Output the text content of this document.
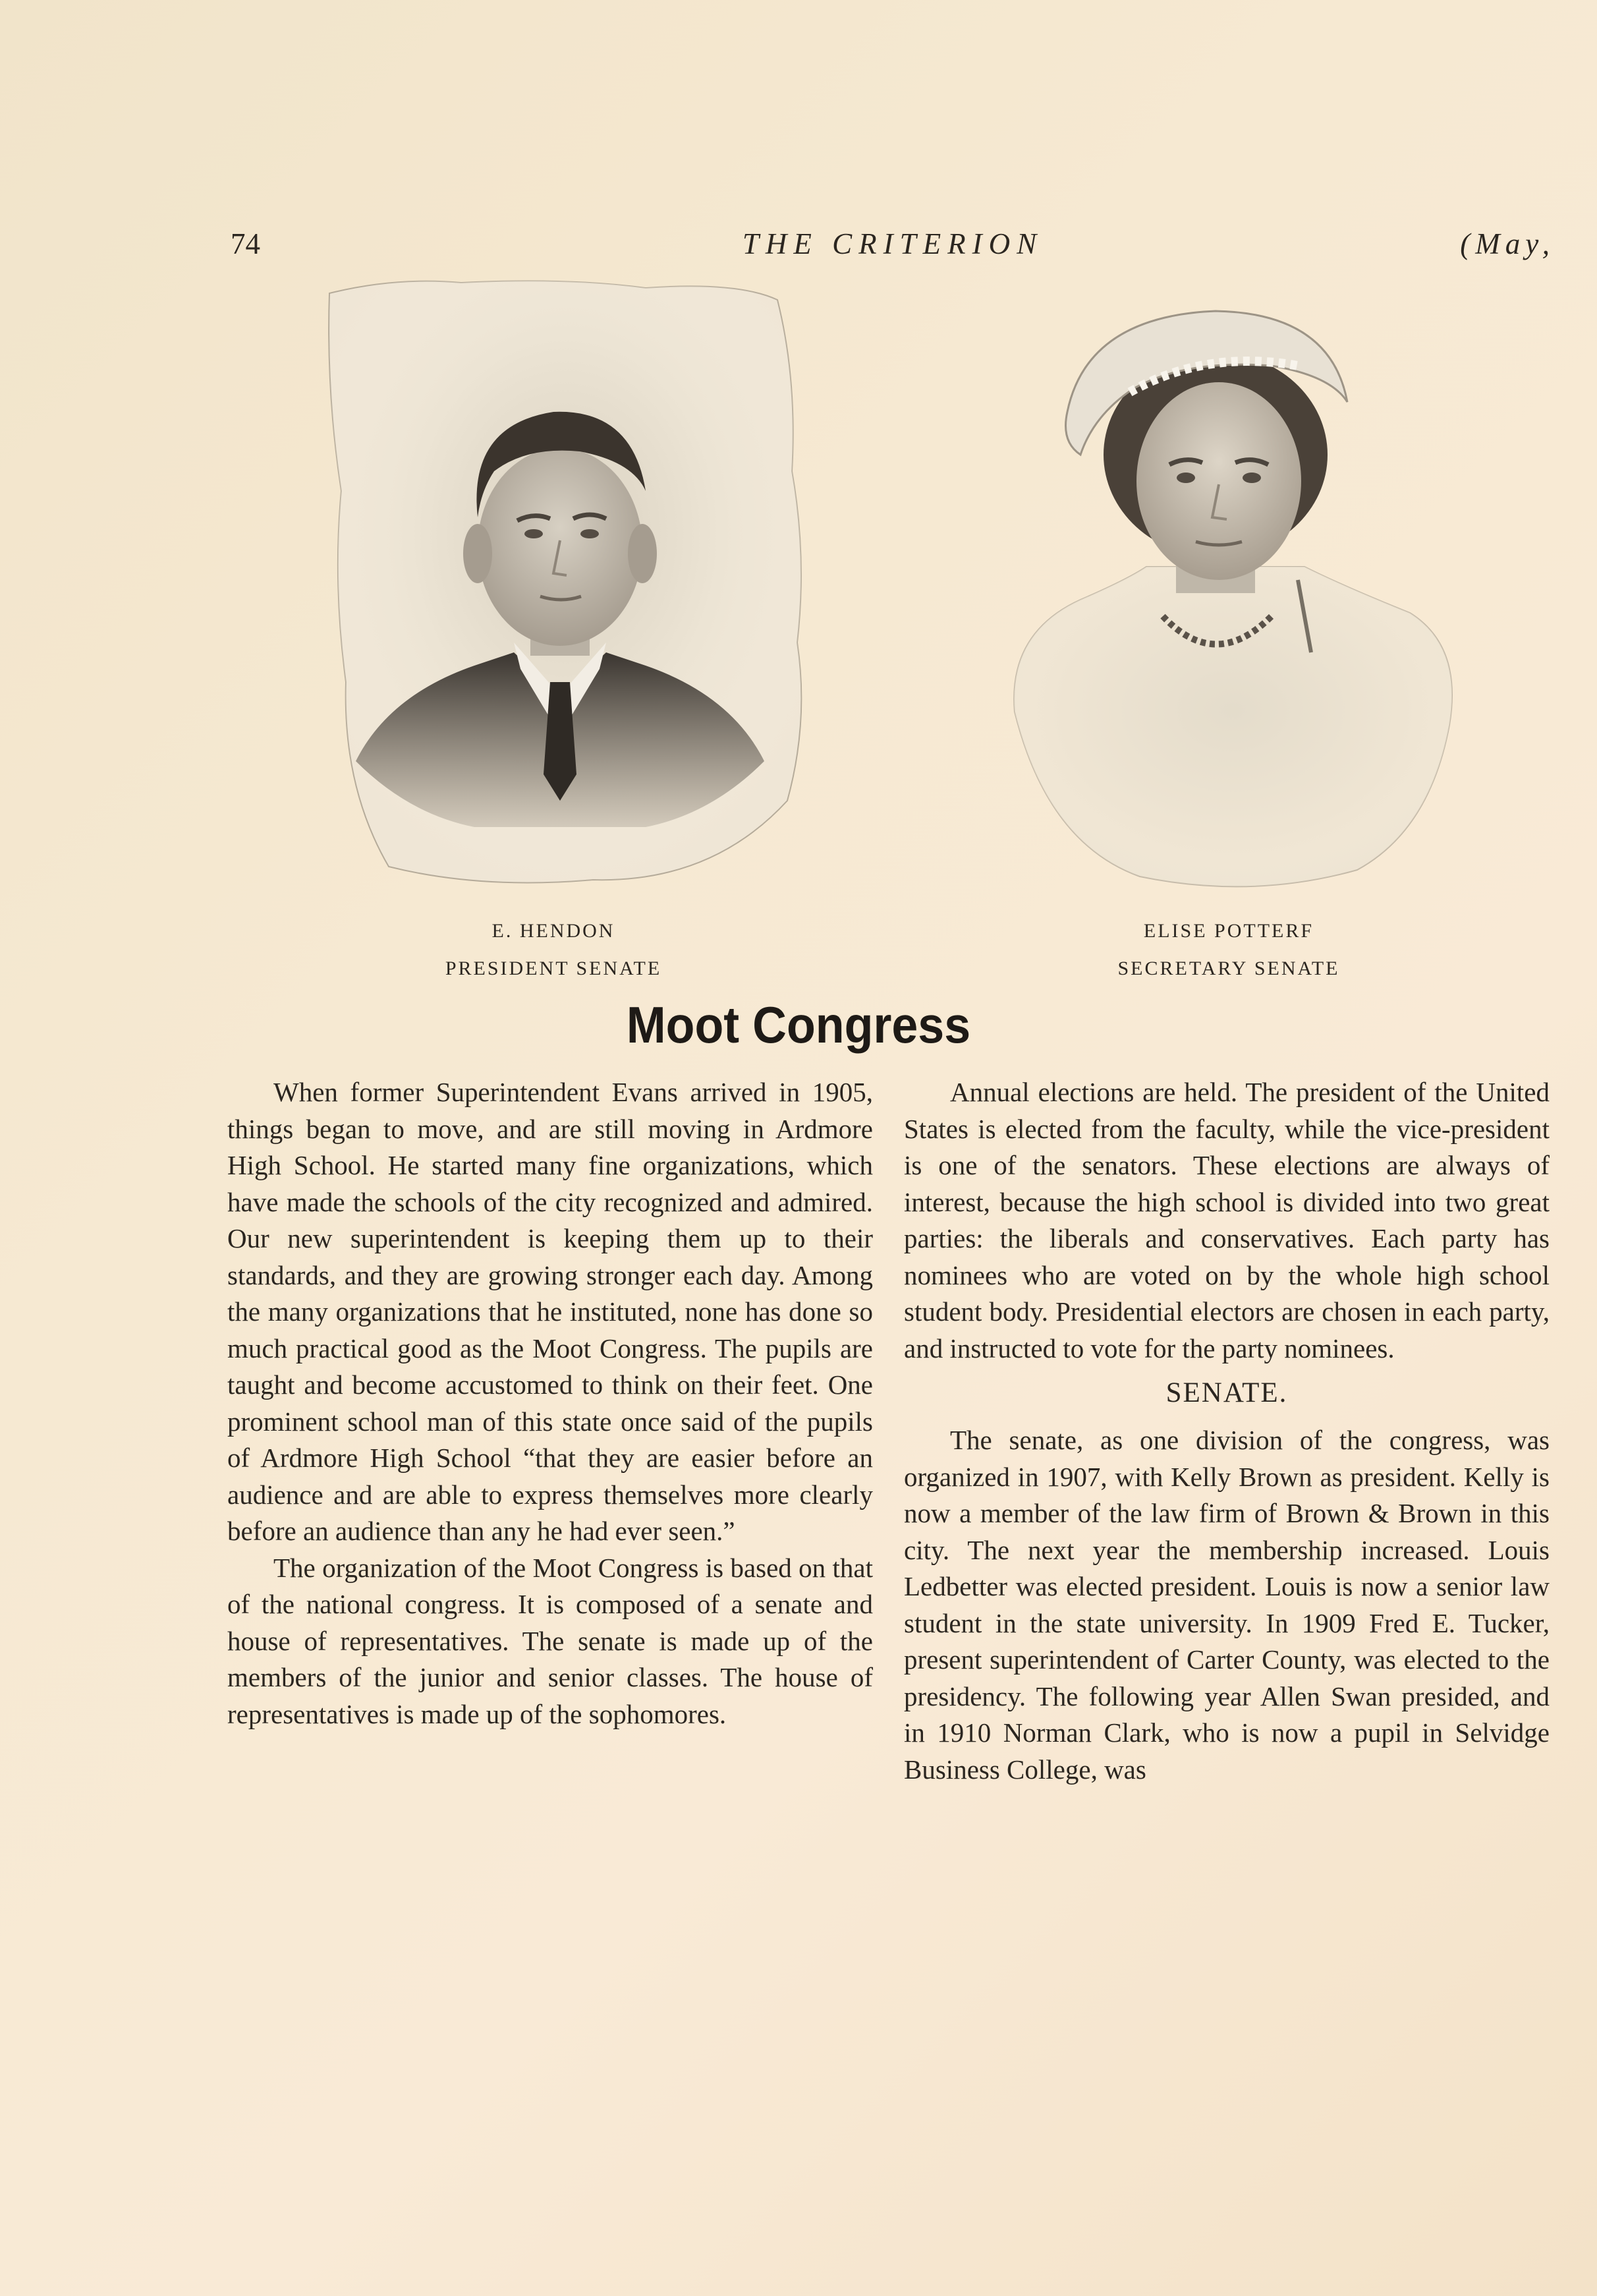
74	THE CRITERION	(May,
E. HENDON
PRESIDENT SENATE
ELISE POTTERF
SECRETARY SENATE
Moot Congress

When former Superintendent Evans arrived in 1905, things began to move, and are still moving in Ardmore High School. He started many fine organizations, which have made the schools of the city recognized and admired. Our new superintendent is keeping them up to their standards, and they are growing stronger each day. Among the many organizations that he instituted, none has done so much practical good as the Moot Congress. The pupils are taught and become accustomed to think on their feet. One prominent school man of this state once said of the pupils of Ardmore High School “that they are easier before an audience and are able to express themselves more clearly before an audience than any he had ever seen.”

The organization of the Moot Congress is based on that of the national congress. It is composed of a senate and house of representatives. The senate is made up of the members of the junior and senior classes. The house of representatives is made up of the sophomores.

Annual elections are held. The president of the United States is elected from the faculty, while the vice-president is one of the senators. These elections are always of interest, because the high school is divided into two great parties: the liberals and conservatives. Each party has nominees who are voted on by the whole high school student body. Presidential electors are chosen in each party, and instructed to vote for the party nominees.

SENATE.

The senate, as one division of the congress, was organized in 1907, with Kelly Brown as president. Kelly is now a member of the law firm of Brown & Brown in this city. The next year the membership increased. Louis Ledbetter was elected president. Louis is now a senior law student in the state university. In 1909 Fred E. Tucker, present superintendent of Carter County, was elected to the presidency. The following year Allen Swan presided, and in 1910 Norman Clark, who is now a pupil in Selvidge Business College, was
